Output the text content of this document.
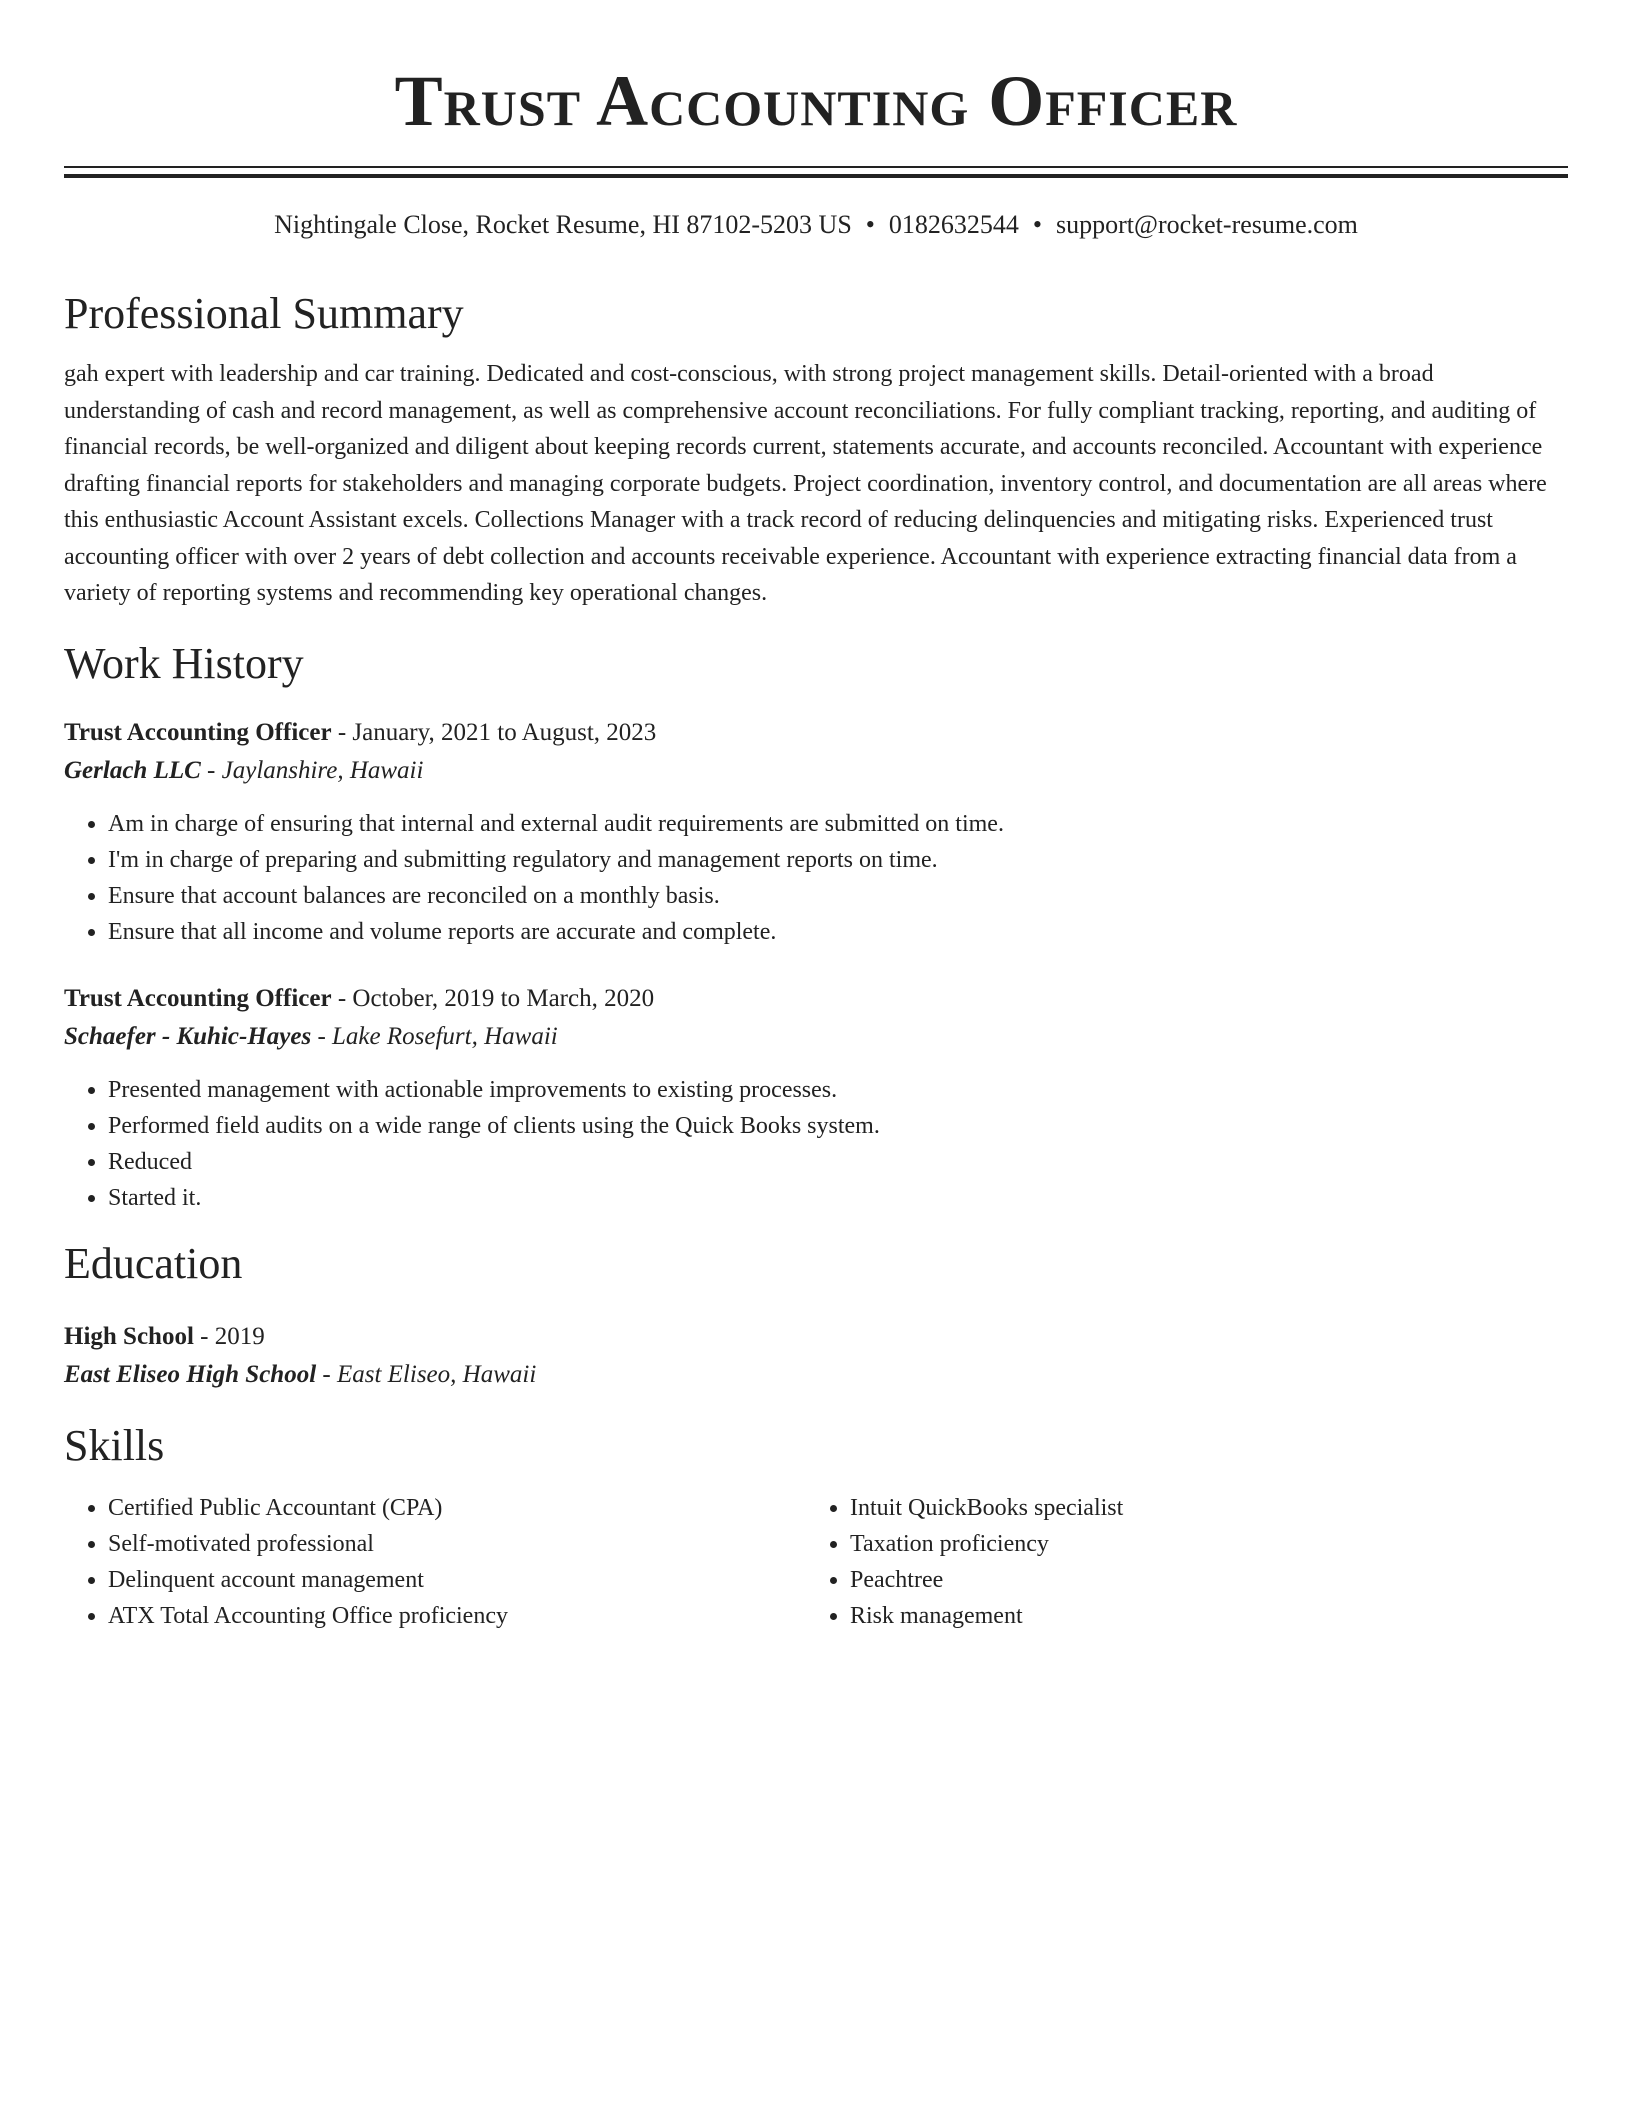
Trust Accounting Officer
Nightingale Close, Rocket Resume, HI 87102-5203 US • 0182632544 • support@rocket-resume.com
Professional Summary

gah expert with leadership and car training. Dedicated and cost-conscious, with strong project management skills. Detail-oriented with a broad understanding of cash and record management, as well as comprehensive account reconciliations. For fully compliant tracking, reporting, and auditing of financial records, be well-organized and diligent about keeping records current, statements accurate, and accounts reconciled. Accountant with experience drafting financial reports for stakeholders and managing corporate budgets. Project coordination, inventory control, and documentation are all areas where this enthusiastic Account Assistant excels. Collections Manager with a track record of reducing delinquencies and mitigating risks. Experienced trust accounting officer with over 2 years of debt collection and accounts receivable experience. Accountant with experience extracting financial data from a variety of reporting systems and recommending key operational changes.

Work History
Trust Accounting Officer - January, 2021 to August, 2023
Gerlach LLC - Jaylanshire, Hawaii
• Am in charge of ensuring that internal and external audit requirements are submitted on time.
• I'm in charge of preparing and submitting regulatory and management reports on time.
• Ensure that account balances are reconciled on a monthly basis.
• Ensure that all income and volume reports are accurate and complete.
Trust Accounting Officer - October, 2019 to March, 2020
Schaefer - Kuhic-Hayes - Lake Rosefurt, Hawaii
• Presented management with actionable improvements to existing processes.
• Performed field audits on a wide range of clients using the Quick Books system.
• Reduced
• Started it.
Education
High School - 2019
East Eliseo High School - East Eliseo, Hawaii
Skills
• Certified Public Accountant (CPA)
• Self-motivated professional
• Delinquent account management
• ATX Total Accounting Office proficiency
• Intuit QuickBooks specialist
• Taxation proficiency
• Peachtree
• Risk management
